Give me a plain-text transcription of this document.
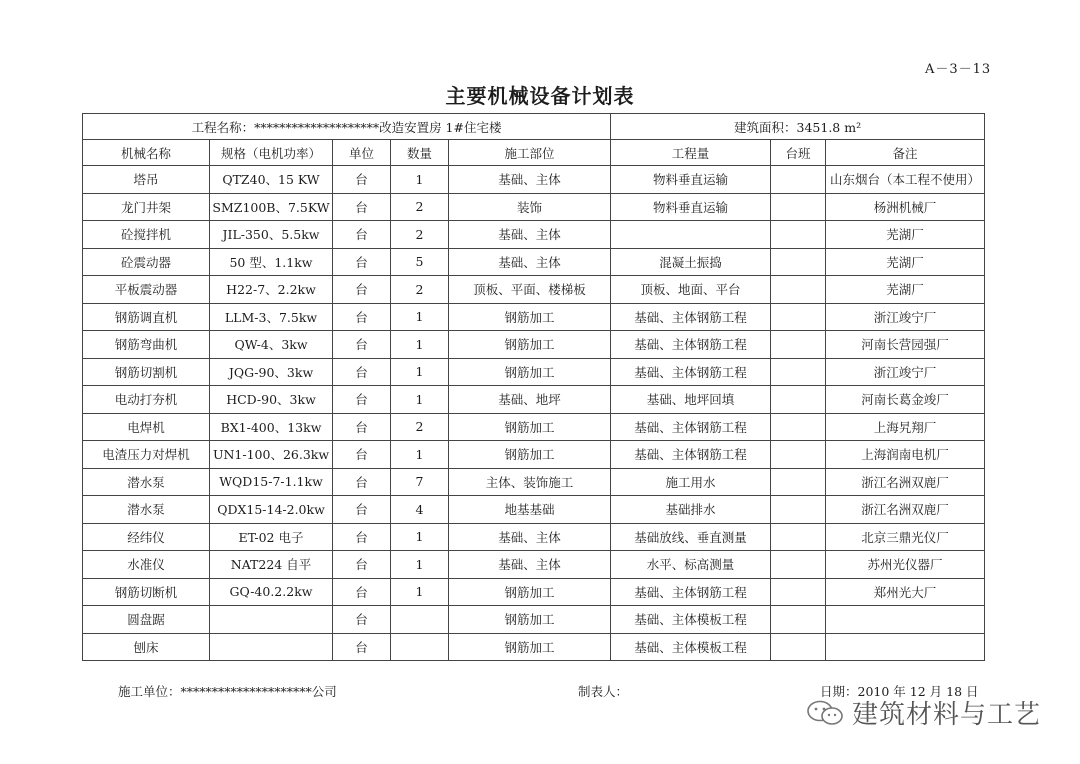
A－3－13
主要机械设备计划表
工程名称：********************改造安置房 1#住宅楼					建筑面积：3451.8 m²		
机械名称	规格（电机功率）	单位	数量	施工部位	工程量	台班	备注
塔吊	QTZ40、15 KW	台	1	基础、主体	物料垂直运输		山东烟台（本工程不使用）
龙门井架	SMZ100B、7.5KW	台	2	装饰	物料垂直运输		杨洲机械厂
砼搅拌机	JIL-350、5.5kw	台	2	基础、主体			芜湖厂
砼震动器	50 型、1.1kw	台	5	基础、主体	混凝土振捣		芜湖厂
平板震动器	H22-7、2.2kw	台	2	顶板、平面、楼梯板	顶板、地面、平台		芜湖厂
钢筋调直机	LLM-3、7.5kw	台	1	钢筋加工	基础、主体钢筋工程		浙江竣宁厂
钢筋弯曲机	QW-4、3kw	台	1	钢筋加工	基础、主体钢筋工程		河南长营园强厂
钢筋切割机	JQG-90、3kw	台	1	钢筋加工	基础、主体钢筋工程		浙江竣宁厂
电动打夯机	HCD-90、3kw	台	1	基础、地坪	基础、地坪回填		河南长葛金竣厂
电焊机	BX1-400、13kw	台	2	钢筋加工	基础、主体钢筋工程		上海旯翔厂
电渣压力对焊机	UN1-100、26.3kw	台	1	钢筋加工	基础、主体钢筋工程		上海润南电机厂
潜水泵	WQD15-7-1.1kw	台	7	主体、装饰施工	施工用水		浙江名洲双鹿厂
潜水泵	QDX15-14-2.0kw	台	4	地基基础	基础排水		浙江名洲双鹿厂
经纬仪	ET-02 电子	台	1	基础、主体	基础放线、垂直测量		北京三鼎光仪厂
水准仪	NAT224 自平	台	1	基础、主体	水平、标高测量		苏州光仪器厂
钢筋切断机	GQ-40.2.2kw	台	1	钢筋加工	基础、主体钢筋工程		郑州光大厂
圆盘踞		台		钢筋加工	基础、主体模板工程		
刨床		台		钢筋加工	基础、主体模板工程		
施工单位：*********************公司	制表人：	日期：2010 年 12 月 18 日
建筑材料与工艺
